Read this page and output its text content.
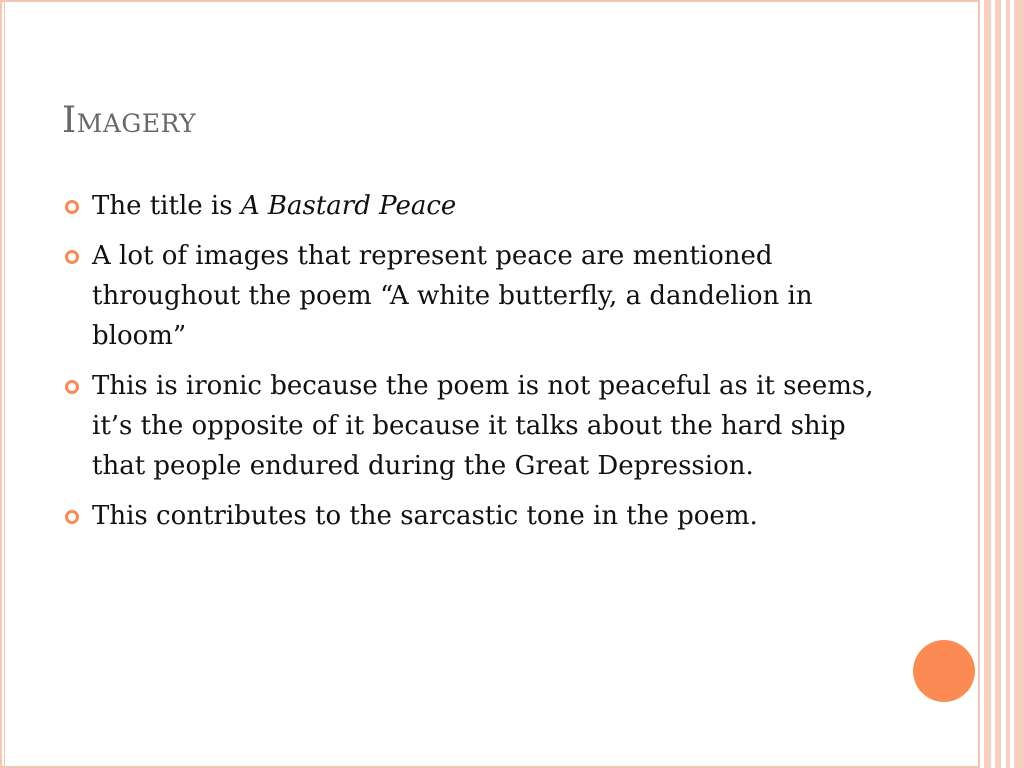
Imagery
The title is A Bastard Peace
A lot of images that represent peace are mentioned throughout the poem “A white butterfly, a dandelion in bloom”
This is ironic because the poem is not peaceful as it seems, it’s the opposite of it because it talks about the hard ship that people endured during the Great Depression.
This contributes to the sarcastic tone in the poem.
